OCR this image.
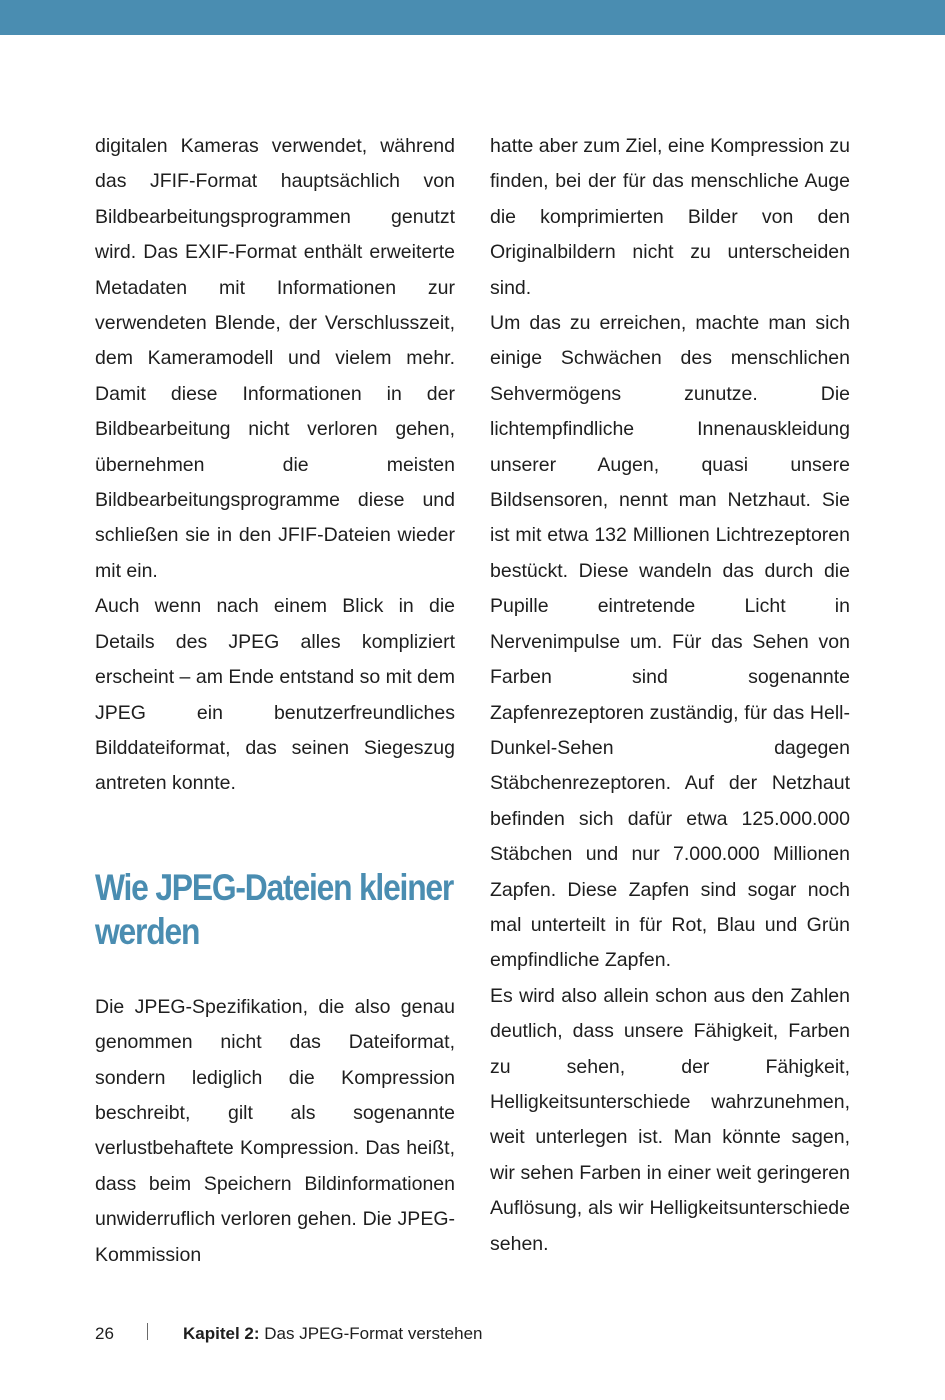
digitalen Kameras verwendet, während das JFIF-Format hauptsächlich von Bildbearbeitungsprogrammen genutzt wird. Das EXIF-Format enthält erweiterte Metadaten mit Informationen zur verwendeten Blende, der Verschlusszeit, dem Kameramodell und vielem mehr. Damit diese Informationen in der Bildbearbeitung nicht verloren gehen, übernehmen die meisten Bildbearbeitungsprogramme diese und schließen sie in den JFIF-Dateien wieder mit ein.

Auch wenn nach einem Blick in die Details des JPEG alles kompliziert erscheint – am Ende entstand so mit dem JPEG ein benutzerfreundliches Bilddateiformat, das seinen Siegeszug antreten konnte.

Wie JPEG-Dateien kleiner werden

Die JPEG-Spezifikation, die also genau genommen nicht das Dateiformat, sondern lediglich die Kompression beschreibt, gilt als sogenannte verlustbehaftete Kompression. Das heißt, dass beim Speichern Bildinformationen unwiderruflich verloren gehen. Die JPEG-Kommission

hatte aber zum Ziel, eine Kompression zu finden, bei der für das menschliche Auge die komprimierten Bilder von den Originalbildern nicht zu unterscheiden sind.

Um das zu erreichen, machte man sich einige Schwächen des menschlichen Sehvermögens zunutze. Die lichtempfindliche Innenauskleidung unserer Augen, quasi unsere Bildsensoren, nennt man Netzhaut. Sie ist mit etwa 132 Millionen Lichtrezeptoren bestückt. Diese wandeln das durch die Pupille eintretende Licht in Nervenimpulse um. Für das Sehen von Farben sind sogenannte Zapfenrezeptoren zuständig, für das Hell-Dunkel-Sehen dagegen Stäbchenrezeptoren. Auf der Netzhaut befinden sich dafür etwa 125.000.000 Stäbchen und nur 7.000.000 Millionen Zapfen. Diese Zapfen sind sogar noch mal unterteilt in für Rot, Blau und Grün empfindliche Zapfen.

Es wird also allein schon aus den Zahlen deutlich, dass unsere Fähigkeit, Farben zu sehen, der Fähigkeit, Helligkeitsunterschiede wahrzunehmen, weit unterlegen ist. Man könnte sagen, wir sehen Farben in einer weit geringeren Auflösung, als wir Helligkeitsunterschiede sehen.

26	Kapitel 2: Das JPEG-Format verstehen
